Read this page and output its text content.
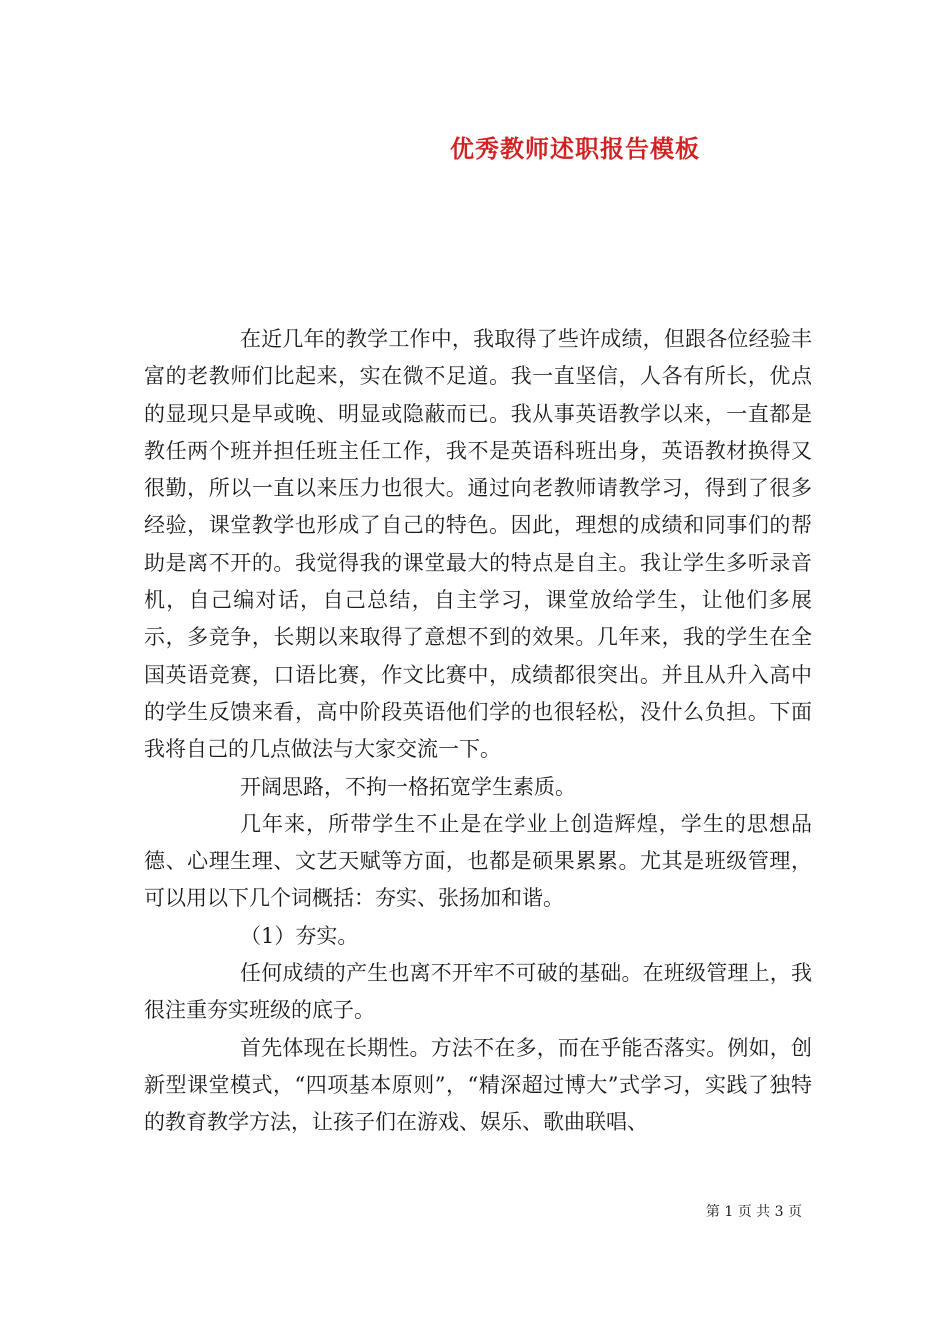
优秀教师述职报告模板

在近几年的教学工作中，我取得了些许成绩，但跟各位经验丰富的老教师们比起来，实在微不足道。我一直坚信，人各有所长，优点的显现只是早或晚、明显或隐蔽而已。我从事英语教学以来，一直都是教任两个班并担任班主任工作，我不是英语科班出身，英语教材换得又很勤，所以一直以来压力也很大。通过向老教师请教学习，得到了很多经验，课堂教学也形成了自己的特色。因此，理想的成绩和同事们的帮助是离不开的。我觉得我的课堂最大的特点是自主。我让学生多听录音机，自己编对话，自己总结，自主学习，课堂放给学生，让他们多展示，多竞争，长期以来取得了意想不到的效果。几年来，我的学生在全国英语竞赛，口语比赛，作文比赛中，成绩都很突出。并且从升入高中的学生反馈来看，高中阶段英语他们学的也很轻松，没什么负担。下面我将自己的几点做法与大家交流一下。

开阔思路，不拘一格拓宽学生素质。

几年来，所带学生不止是在学业上创造辉煌，学生的思想品德、心理生理、文艺天赋等方面，也都是硕果累累。尤其是班级管理，可以用以下几个词概括：夯实、张扬加和谐。

（1）夯实。

任何成绩的产生也离不开牢不可破的基础。在班级管理上，我很注重夯实班级的底子。

首先体现在长期性。方法不在多，而在乎能否落实。例如，创新型课堂模式，“四项基本原则”，“精深超过博大”式学习，实践了独特的教育教学方法，让孩子们在游戏、娱乐、歌曲联唱、

第 1 页 共 3 页
